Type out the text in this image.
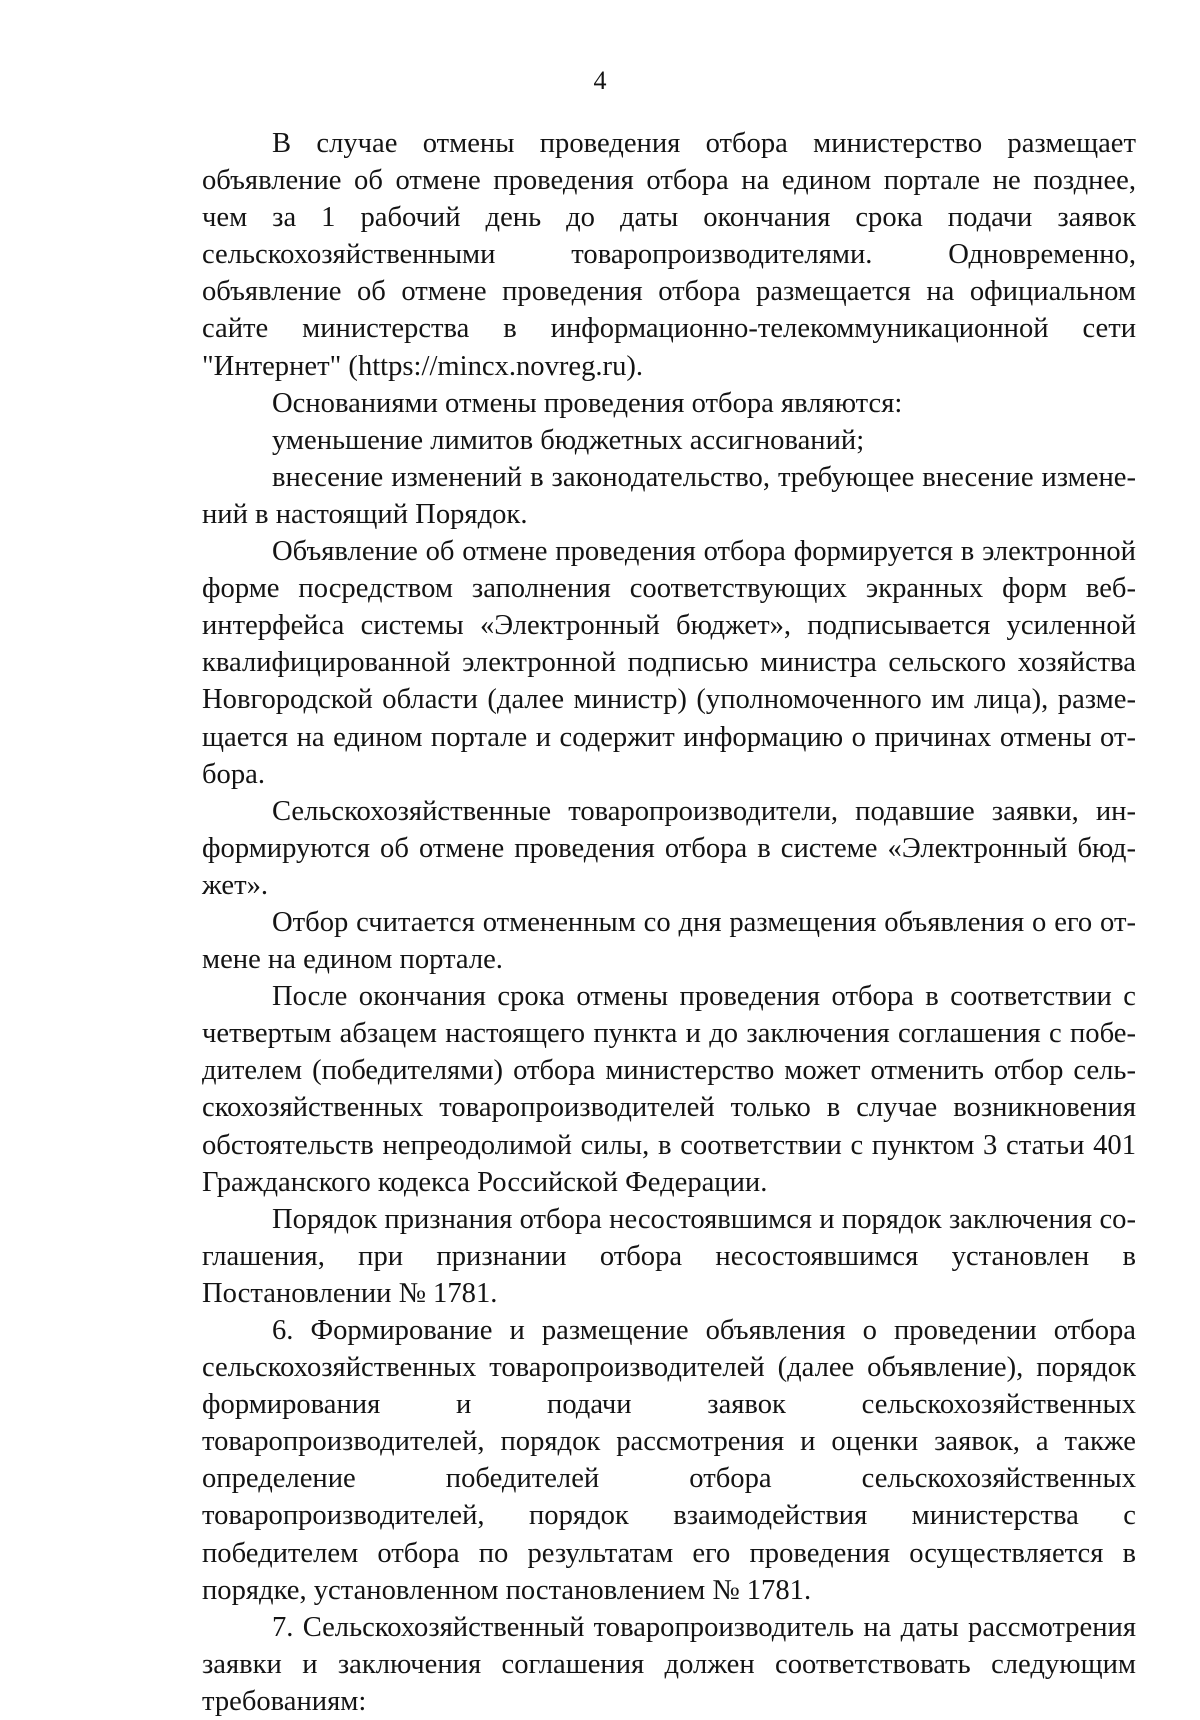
4

В случае отмены проведения отбора министерство размещает объявление об отмене проведения отбора на едином портале не позднее, чем за 1 рабочий день до даты окончания срока подачи заявок сельскохозяйственными товаропроизводителями. Одновременно, объявление об отмене проведения отбора размещается на официальном сайте министерства в информационно-телекоммуникационной сети "Интернет" (https://mincx.novreg.ru).

Основаниями отмены проведения отбора являются:

уменьшение лимитов бюджетных ассигнований;

внесение изменений в законодательство, требующее внесение изменений в настоящий Порядок.

Объявление об отмене проведения отбора формируется в электронной форме посредством заполнения соответствующих экранных форм веб-интерфейса системы «Электронный бюджет», подписывается усиленной квалифицированной электронной подписью министра сельского хозяйства Новгородской области (далее министр) (уполномоченного им лица), размещается на едином портале и содержит информацию о причинах отмены отбора.

Сельскохозяйственные товаропроизводители, подавшие заявки, информируются об отмене проведения отбора в системе «Электронный бюджет».

Отбор считается отмененным со дня размещения объявления о его отмене на едином портале.

После окончания срока отмены проведения отбора в соответствии с четвертым абзацем настоящего пункта и до заключения соглашения с победителем (победителями) отбора министерство может отменить отбор сельскохозяйственных товаропроизводителей только в случае возникновения обстоятельств непреодолимой силы, в соответствии с пунктом 3 статьи 401 Гражданского кодекса Российской Федерации.

Порядок признания отбора несостоявшимся и порядок заключения соглашения, при признании отбора несостоявшимся установлен в Постановлении № 1781.

6. Формирование и размещение объявления о проведении отбора сельскохозяйственных товаропроизводителей (далее объявление), порядок формирования и подачи заявок сельскохозяйственных товаропроизводителей, порядок рассмотрения и оценки заявок, а также определение победителей отбора сельскохозяйственных товаропроизводителей, порядок взаимодействия министерства с победителем отбора по результатам его проведения осуществляется в порядке, установленном постановлением № 1781.

7. Сельскохозяйственный товаропроизводитель на даты рассмотрения заявки и заключения соглашения должен соответствовать следующим требованиям:
